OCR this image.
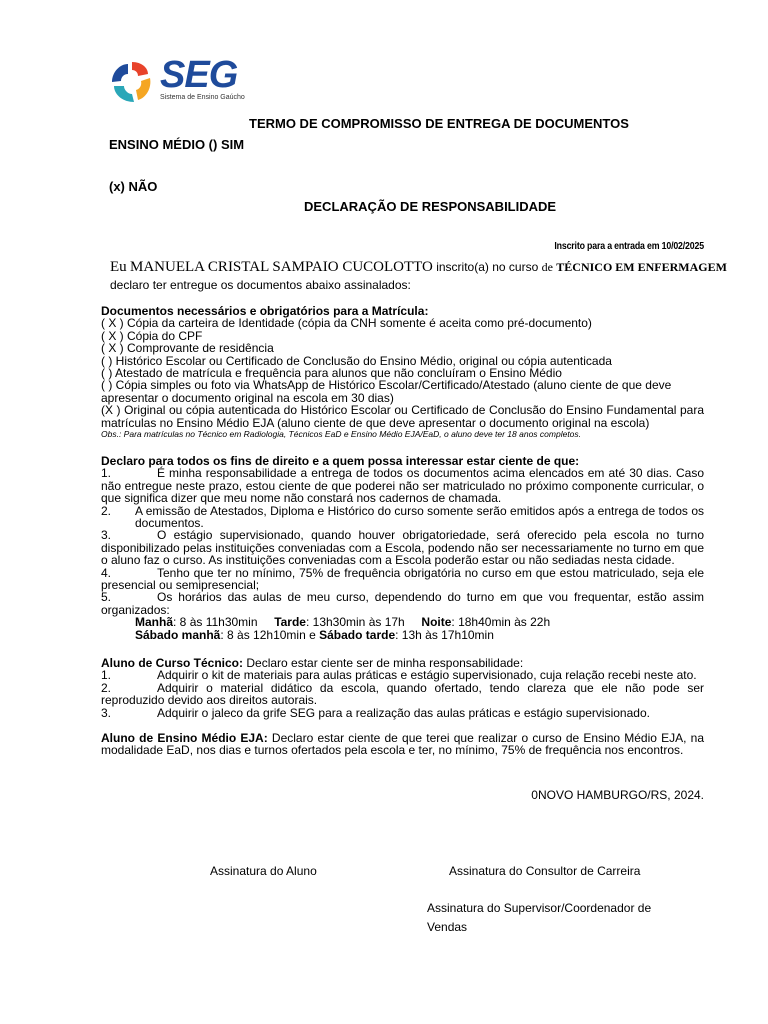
SEG
Sistema de Ensino Gaúcho
TERMO DE COMPROMISSO DE ENTREGA DE DOCUMENTOS
ENSINO MÉDIO () SIM
(x) NÃO
DECLARAÇÃO DE RESPONSABILIDADE
Inscrito para a entrada em 10/02/2025
Eu MANUELA CRISTAL SAMPAIO CUCOLOTTO inscrito(a) no curso de TÉCNICO EM ENFERMAGEM
declaro ter entregue os documentos abaixo assinalados:
Documentos necessários e obrigatórios para a Matrícula:
( X ) Cópia da carteira de Identidade (cópia da CNH somente é aceita como pré-documento)
( X ) Cópia do CPF
( X ) Comprovante de residência
( ) Histórico Escolar ou Certificado de Conclusão do Ensino Médio, original ou cópia autenticada
( ) Atestado de matrícula e frequência para alunos que não concluíram o Ensino Médio
( ) Cópia simples ou foto via WhatsApp de Histórico Escolar/Certificado/Atestado (aluno ciente de que deve apresentar o documento original na escola em 30 dias)
(X ) Original ou cópia autenticada do Histórico Escolar ou Certificado de Conclusão do Ensino Fundamental para matrículas no Ensino Médio EJA (aluno ciente de que deve apresentar o documento original na escola)
Obs.: Para matrículas no Técnico em Radiologia, Técnicos EaD e Ensino Médio EJA/EaD, o aluno deve ter 18 anos completos.
Declaro para todos os fins de direito e a quem possa interessar estar ciente de que:
1.	É minha responsabilidade a entrega de todos os documentos acima elencados em até 30 dias. Caso não entregue neste prazo, estou ciente de que poderei não ser matriculado no próximo componente curricular, o que significa dizer que meu nome não constará nos cadernos de chamada.
2.	A emissão de Atestados, Diploma e Histórico do curso somente serão emitidos após a entrega de todos os documentos.
3.	O estágio supervisionado, quando houver obrigatoriedade, será oferecido pela escola no turno disponibilizado pelas instituições conveniadas com a Escola, podendo não ser necessariamente no turno em que o aluno faz o curso. As instituições conveniadas com a Escola poderão estar ou não sediadas nesta cidade.
4.	Tenho que ter no mínimo, 75% de frequência obrigatória no curso em que estou matriculado, seja ele presencial ou semipresencial;
5.	Os horários das aulas de meu curso, dependendo do turno em que vou frequentar, estão assim organizados:
Manhã: 8 às 11h30min Tarde: 13h30min às 17h Noite: 18h40min às 22h
Sábado manhã: 8 às 12h10min e Sábado tarde: 13h às 17h10min
Aluno de Curso Técnico: Declaro estar ciente ser de minha responsabilidade:
1.	Adquirir o kit de materiais para aulas práticas e estágio supervisionado, cuja relação recebi neste ato.
2.	Adquirir o material didático da escola, quando ofertado, tendo clareza que ele não pode ser reproduzido devido aos direitos autorais.
3.	Adquirir o jaleco da grife SEG para a realização das aulas práticas e estágio supervisionado.
Aluno de Ensino Médio EJA: Declaro estar ciente de que terei que realizar o curso de Ensino Médio EJA, na modalidade EaD, nos dias e turnos ofertados pela escola e ter, no mínimo, 75% de frequência nos encontros.
0NOVO HAMBURGO/RS, 2024.
Assinatura do Aluno	Assinatura do Consultor de Carreira
Assinatura do Supervisor/Coordenador de
Vendas
